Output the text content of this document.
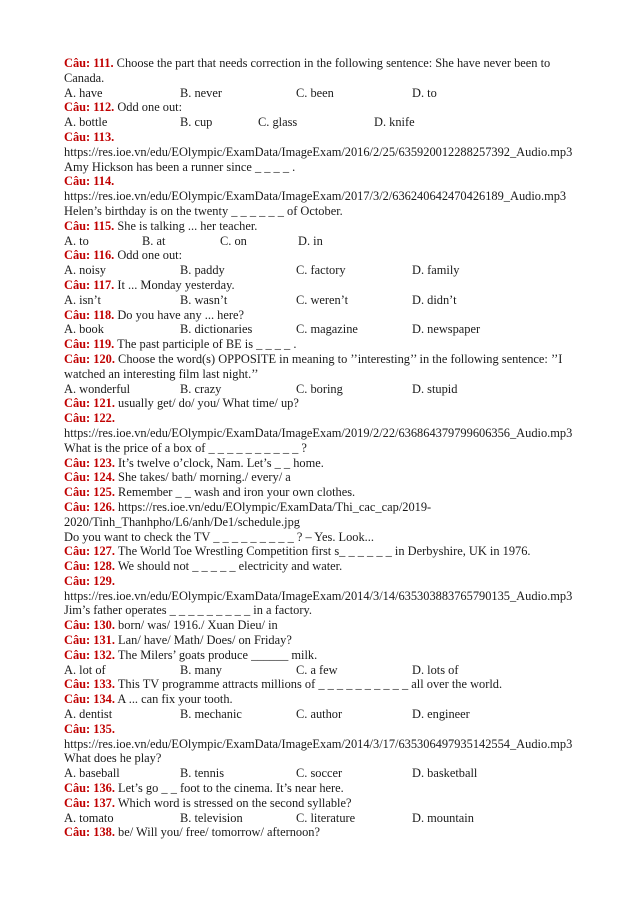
Câu: 111. Choose the part that needs correction in the following sentence: She have never been to
Canada.
A. have	B. never	C. been	D. to
Câu: 112. Odd one out:
A. bottle	B. cup	C. glass	D. knife
Câu: 113.
https://res.ioe.vn/edu/EOlympic/ExamData/ImageExam/2016/2/25/635920012288257392_Audio.mp3
Amy Hickson has been a runner since _ _ _ _ .
Câu: 114.
https://res.ioe.vn/edu/EOlympic/ExamData/ImageExam/2017/3/2/636240642470426189_Audio.mp3
Helen’s birthday is on the twenty _ _ _ _ _ _ of October.
Câu: 115. She is talking ... her teacher.
A. to	B. at	C. on	D. in
Câu: 116. Odd one out:
A. noisy	B. paddy	C. factory	D. family
Câu: 117. It ... Monday yesterday.
A. isn’t	B. wasn’t	C. weren’t	D. didn’t
Câu: 118. Do you have any ... here?
A. book	B. dictionaries	C. magazine	D. newspaper
Câu: 119. The past participle of BE is _ _ _ _ .
Câu: 120. Choose the word(s) OPPOSITE in meaning to ’’interesting’’ in the following sentence: ’’I
watched an interesting film last night.’’
A. wonderful	B. crazy	C. boring	D. stupid
Câu: 121. usually get/ do/ you/ What time/ up?
Câu: 122.
https://res.ioe.vn/edu/EOlympic/ExamData/ImageExam/2019/2/22/636864379799606356_Audio.mp3
What is the price of a box of _ _ _ _ _ _ _ _ _ _ ?
Câu: 123. It’s twelve o’clock, Nam. Let’s _ _ home.
Câu: 124. She takes/ bath/ morning./ every/ a
Câu: 125. Remember _ _ wash and iron your own clothes.
Câu: 126. https://res.ioe.vn/edu/EOlympic/ExamData/Thi_cac_cap/2019-
2020/Tinh_Thanhpho/L6/anh/De1/schedule.jpg
Do you want to check the TV _ _ _ _ _ _ _ _ _ ? – Yes. Look...
Câu: 127. The World Toe Wrestling Competition first s_ _ _ _ _ _ in Derbyshire, UK in 1976.
Câu: 128. We should not _ _ _ _ _ electricity and water.
Câu: 129.
https://res.ioe.vn/edu/EOlympic/ExamData/ImageExam/2014/3/14/635303883765790135_Audio.mp3
Jim’s father operates _ _ _ _ _ _ _ _ _ in a factory.
Câu: 130. born/ was/ 1916./ Xuan Dieu/ in
Câu: 131. Lan/ have/ Math/ Does/ on Friday?
Câu: 132. The Milers’ goats produce ______ milk.
A. lot of	B. many	C. a few	D. lots of
Câu: 133. This TV programme attracts millions of _ _ _ _ _ _ _ _ _ _ all over the world.
Câu: 134. A ... can fix your tooth.
A. dentist	B. mechanic	C. author	D. engineer
Câu: 135.
https://res.ioe.vn/edu/EOlympic/ExamData/ImageExam/2014/3/17/635306497935142554_Audio.mp3
What does he play?
A. baseball	B. tennis	C. soccer	D. basketball
Câu: 136. Let’s go _ _ foot to the cinema. It’s near here.
Câu: 137. Which word is stressed on the second syllable?
A. tomato	B. television	C. literature	D. mountain
Câu: 138. be/ Will you/ free/ tomorrow/ afternoon?
